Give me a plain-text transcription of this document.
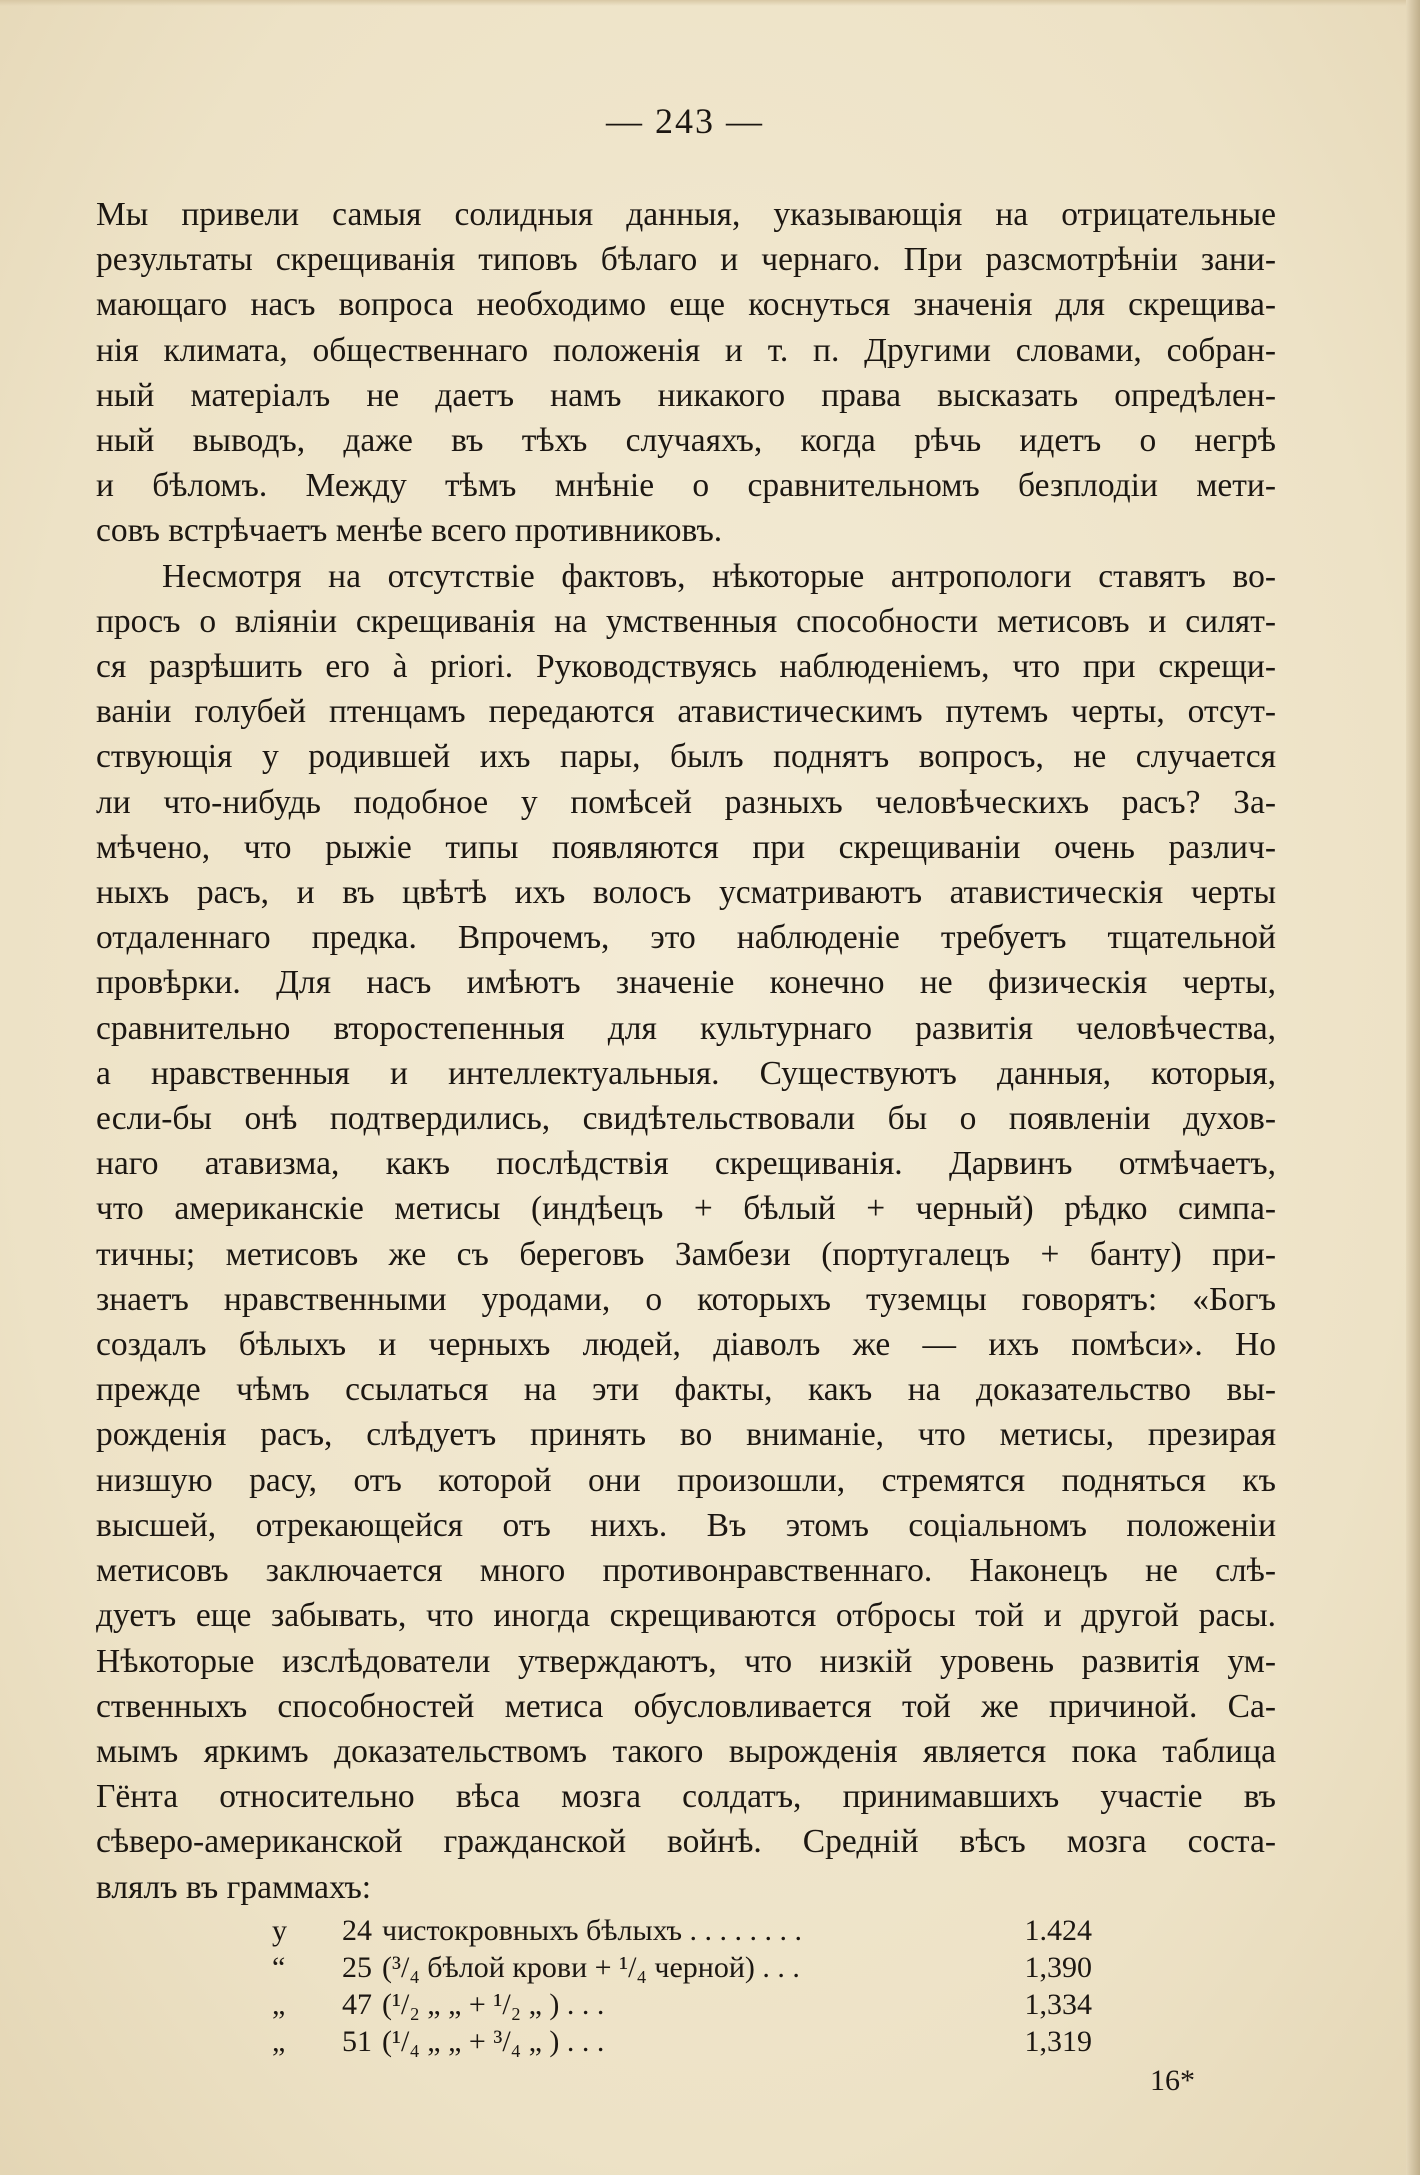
— 243 —

Мы привели самыя солидныя данныя, указывающія на отрицательные
результаты скрещиванія типовъ бѣлаго и чернаго. При разсмотрѣніи зани-
мающаго насъ вопроса необходимо еще коснуться значенія для скрещива-
нія климата, общественнаго положенія и т. п. Другими словами, собран-
ный матеріалъ не даетъ намъ никакого права высказать опредѣлен-
ный выводъ, даже въ тѣхъ случаяхъ, когда рѣчь идетъ о негрѣ
и бѣломъ. Между тѣмъ мнѣніе о сравнительномъ безплодіи мети-
совъ встрѣчаетъ менѣе всего противниковъ.

Несмотря на отсутствіе фактовъ, нѣкоторые антропологи ставятъ во-
просъ о вліяніи скрещиванія на умственныя способности метисовъ и силят-
ся разрѣшить его à priori. Руководствуясь наблюденіемъ, что при скрещи-
ваніи голубей птенцамъ передаются атавистическимъ путемъ черты, отсут-
ствующія у родившей ихъ пары, былъ поднятъ вопросъ, не случается
ли что-нибудь подобное у помѣсей разныхъ человѣческихъ расъ? За-
мѣчено, что рыжіе типы появляются при скрещиваніи очень различ-
ныхъ расъ, и въ цвѣтѣ ихъ волосъ усматриваютъ атавистическія черты
отдаленнаго предка. Впрочемъ, это наблюденіе требуетъ тщательной
провѣрки. Для насъ имѣютъ значеніе конечно не физическія черты,
сравнительно второстепенныя для культурнаго развитія человѣчества,
а нравственныя и интеллектуальныя. Существуютъ данныя, которыя,
если-бы онѣ подтвердились, свидѣтельствовали бы о появленіи духов-
наго атавизма, какъ послѣдствія скрещиванія. Дарвинъ отмѣчаетъ,
что американскіе метисы (индѣецъ + бѣлый + черный) рѣдко симпа-
тичны; метисовъ же съ береговъ Замбези (португалецъ + банту) при-
знаетъ нравственными уродами, о которыхъ туземцы говорятъ: «Богъ
создалъ бѣлыхъ и черныхъ людей, діаволъ же — ихъ помѣси». Но
прежде чѣмъ ссылаться на эти факты, какъ на доказательство вы-
рожденія расъ, слѣдуетъ принять во вниманіе, что метисы, презирая
низшую расу, отъ которой они произошли, стремятся подняться къ
высшей, отрекающейся отъ нихъ. Въ этомъ соціальномъ положеніи
метисовъ заключается много противонравственнаго. Наконецъ не слѣ-
дуетъ еще забывать, что иногда скрещиваются отбросы той и другой расы.
Нѣкоторые изслѣдователи утверждаютъ, что низкій уровень развитія ум-
ственныхъ способностей метиса обусловливается той же причиной. Са-
мымъ яркимъ доказательствомъ такого вырожденія является пока таблица
Гёнта относительно вѣса мозга солдатъ, принимавшихъ участіе въ
сѣверо-американской гражданской войнѣ. Средній вѣсъ мозга соста-
влялъ въ граммахъ:

у	24	чистокровныхъ бѣлыхъ . . . . . . . .	1.424
“	25	(³/₄ бѣлой крови + ¹/₄ черной) . . .	1,390
„	47	(¹/₂ „ „ + ¹/₂ „ ) . . .	1,334
„	51	(¹/₄ „ „ + ³/₄ „ ) . . .	1,319
16*
